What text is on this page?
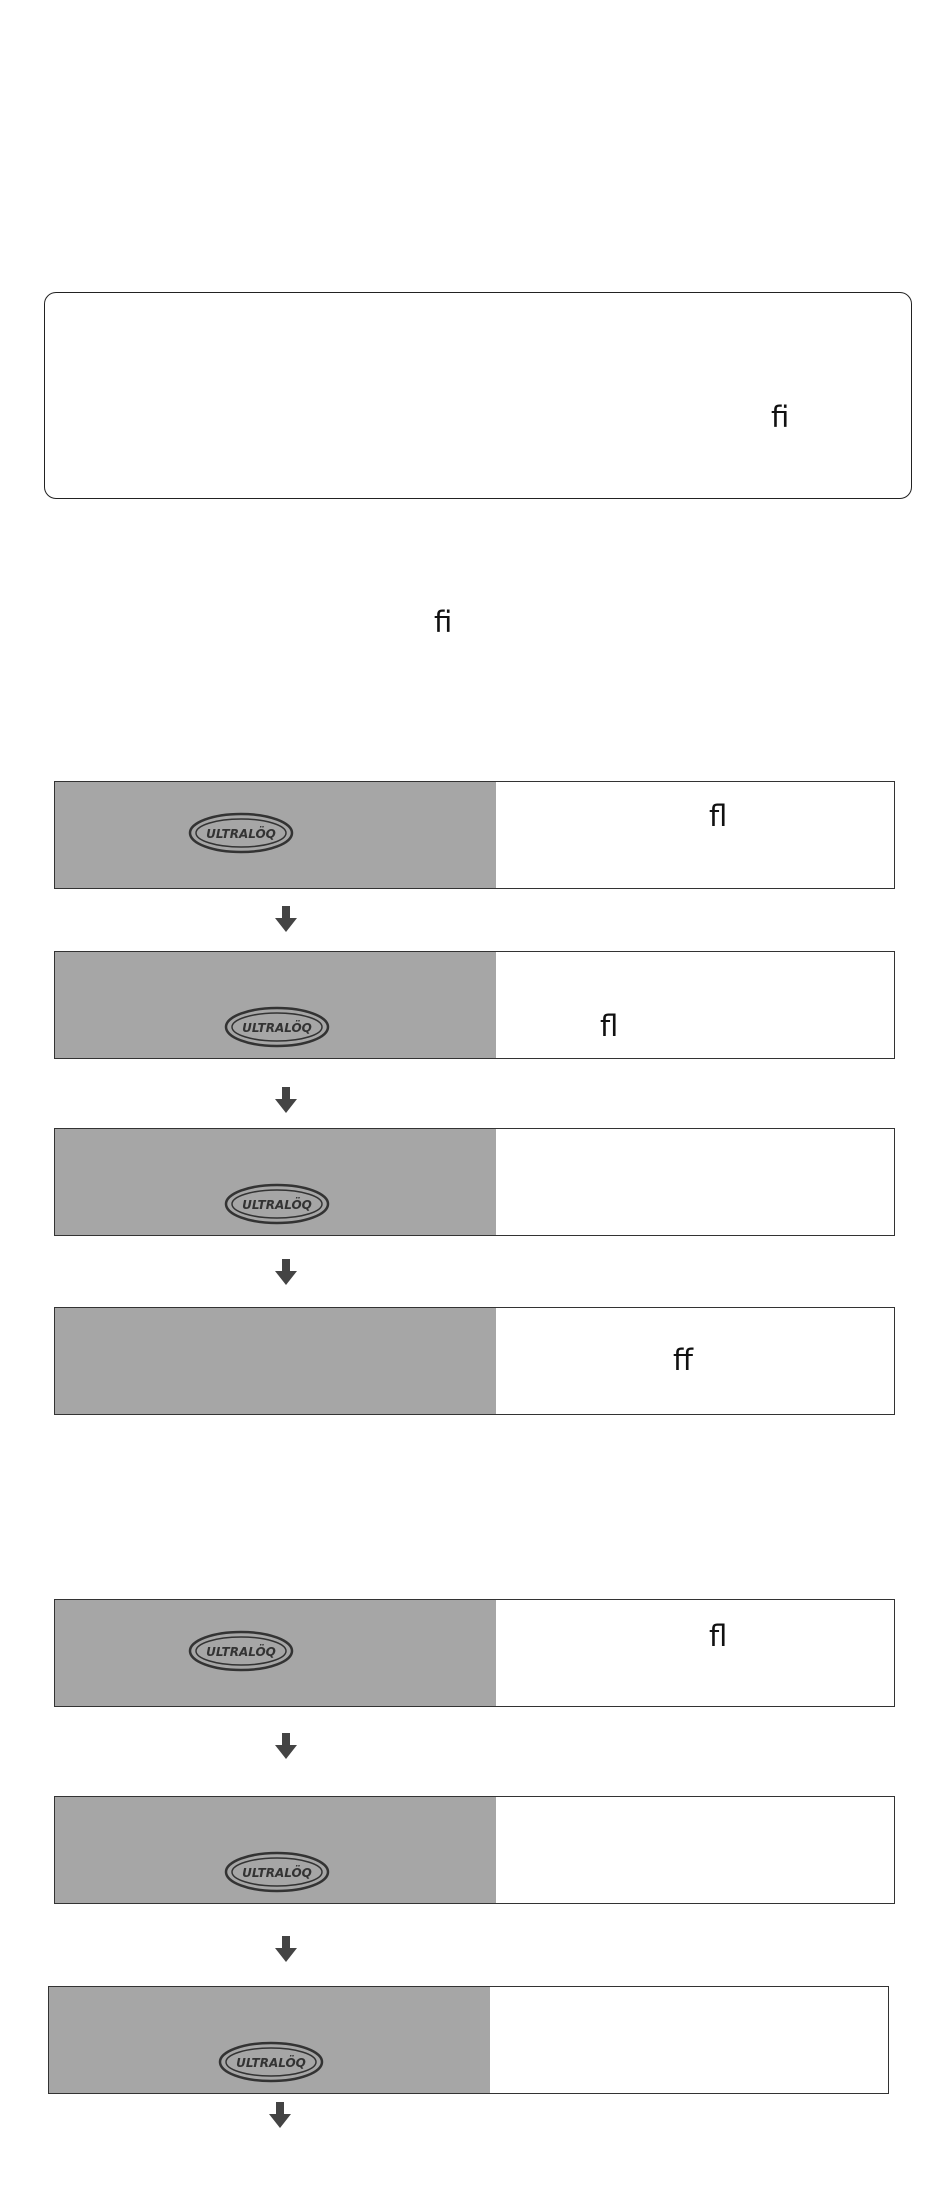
ﬁ
ﬁ
ULTRALÖQ
ﬂ
ULTRALÖQ	ﬂ
ULTRALÖQ
ﬀ
ULTRALÖQ	ﬂ
ULTRALÖQ
ULTRALÖQ
